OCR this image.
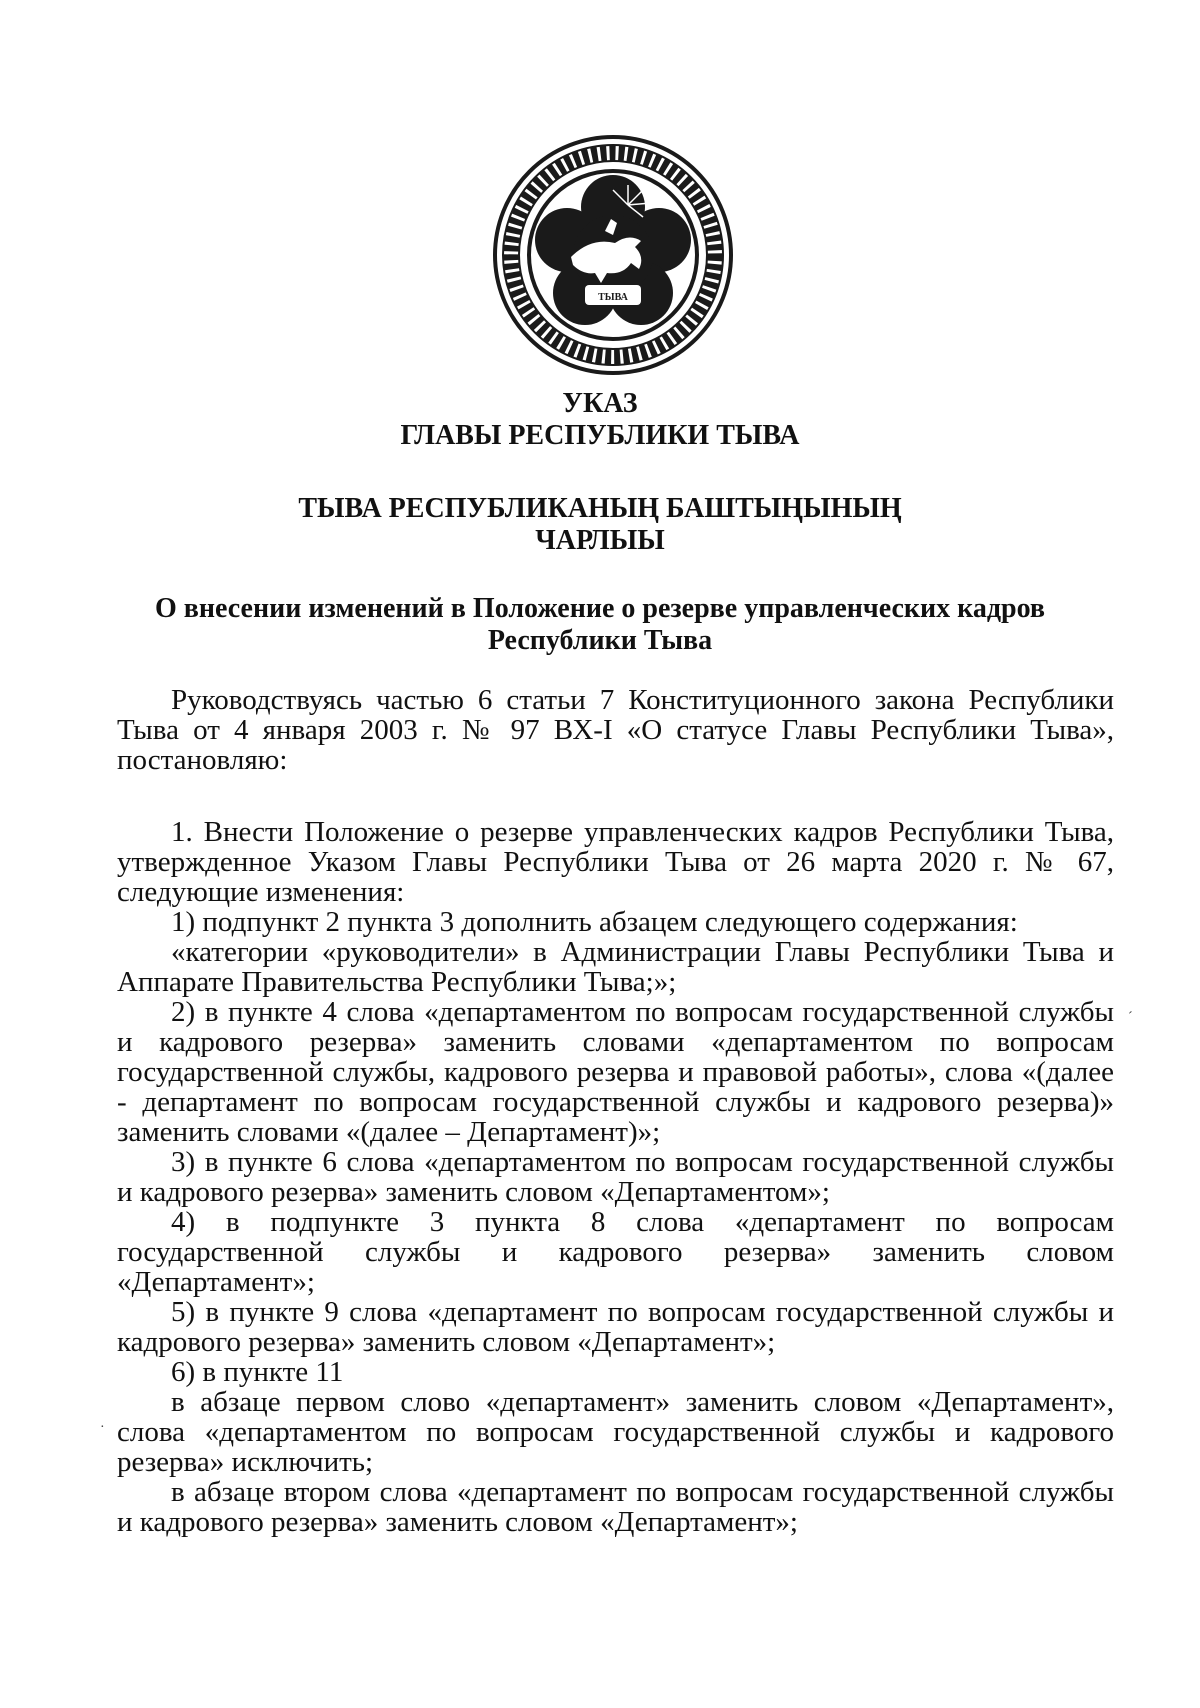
ТЫВА

УКАЗ

ГЛАВЫ РЕСПУБЛИКИ ТЫВА

ТЫВА РЕСПУБЛИКАНЫҢ БАШТЫҢЫНЫҢ

ЧАРЛЫЫ

О внесении изменений в Положение о резерве управленческих кадров

Республики Тыва

Руководствуясь частью 6 статьи 7 Конституционного закона Республики Тыва от 4 января 2003 г. № 97 ВХ-I «О статусе Главы Республики Тыва», постановляю:

1. Внести Положение о резерве управленческих кадров Республики Тыва, утвержденное Указом Главы Республики Тыва от 26 марта 2020 г. № 67, следующие изменения:

1) подпункт 2 пункта 3 дополнить абзацем следующего содержания:

«категории «руководители» в Администрации Главы Республики Тыва и Аппарате Правительства Республики Тыва;»;

2) в пункте 4 слова «департаментом по вопросам государственной службы и кадрового резерва» заменить словами «департаментом по вопросам государственной службы, кадрового резерва и правовой работы», слова «(далее - департамент по вопросам государственной службы и кадрового резерва)» заменить словами «(далее – Департамент)»;

3) в пункте 6 слова «департаментом по вопросам государственной службы и кадрового резерва» заменить словом «Департаментом»;

4) в подпункте 3 пункта 8 слова «департамент по вопросам государственной службы и кадрового резерва» заменить словом «Департамент»;

5) в пункте 9 слова «департамент по вопросам государственной службы и кадрового резерва» заменить словом «Департамент»;

6) в пункте 11

в абзаце первом слово «департамент» заменить словом «Департамент», слова «департаментом по вопросам государственной службы и кадрового резерва» исключить;

в абзаце втором слова «департамент по вопросам государственной службы и кадрового резерва» заменить словом «Департамент»;

´
·
